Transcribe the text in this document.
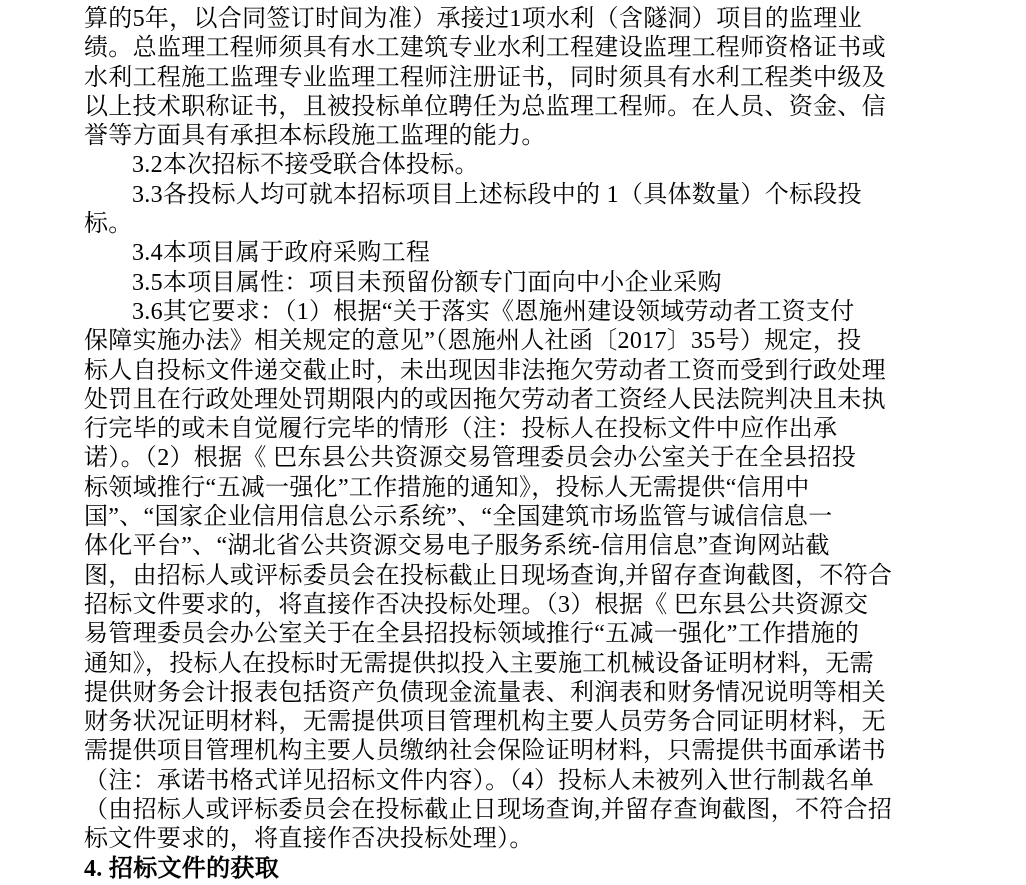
算的5年，以合同签订时间为准）承接过1项水利（含隧洞）项目的监理业
绩。总监理工程师须具有水工建筑专业水利工程建设监理工程师资格证书或
水利工程施工监理专业监理工程师注册证书，同时须具有水利工程类中级及
以上技术职称证书，且被投标单位聘任为总监理工程师。在人员、资金、信
誉等方面具有承担本标段施工监理的能力。
3.2本次招标不接受联合体投标。
3.3各投标人均可就本招标项目上述标段中的 1（具体数量）个标段投
标。
3.4本项目属于政府采购工程
3.5本项目属性：项目未预留份额专门面向中小企业采购
3.6其它要求：（1）根据“关于落实《恩施州建设领域劳动者工资支付
保障实施办法》相关规定的意见”（恩施州人社函〔2017〕35号）规定，投
标人自投标文件递交截止时，未出现因非法拖欠劳动者工资而受到行政处理
处罚且在行政处理处罚期限内的或因拖欠劳动者工资经人民法院判决且未执
行完毕的或未自觉履行完毕的情形（注：投标人在投标文件中应作出承
诺）。（2）根据《 巴东县公共资源交易管理委员会办公室关于在全县招投
标领域推行“五减一强化”工作措施的通知》，投标人无需提供“信用中
国”、“国家企业信用信息公示系统”、“全国建筑市场监管与诚信信息一
体化平台”、“湖北省公共资源交易电子服务系统-信用信息”查询网站截
图，由招标人或评标委员会在投标截止日现场查询,并留存查询截图，不符合
招标文件要求的，将直接作否决投标处理。（3）根据《 巴东县公共资源交
易管理委员会办公室关于在全县招投标领域推行“五减一强化”工作措施的
通知》，投标人在投标时无需提供拟投入主要施工机械设备证明材料，无需
提供财务会计报表包括资产负债现金流量表、利润表和财务情况说明等相关
财务状况证明材料，无需提供项目管理机构主要人员劳务合同证明材料，无
需提供项目管理机构主要人员缴纳社会保险证明材料，只需提供书面承诺书
（注：承诺书格式详见招标文件内容）。（4）投标人未被列入世行制裁名单
（由招标人或评标委员会在投标截止日现场查询,并留存查询截图，不符合招
标文件要求的，将直接作否决投标处理）。
4. 招标文件的获取
